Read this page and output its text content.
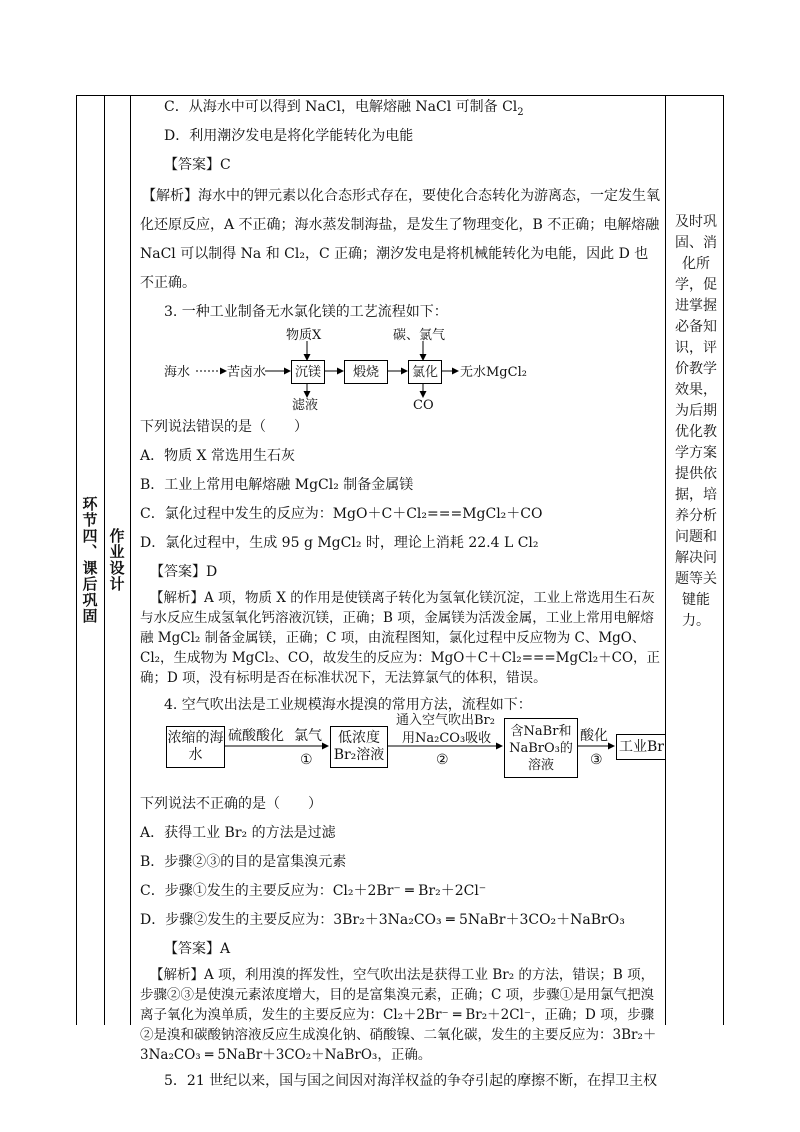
环节四、课后巩固 作业设计
及时巩
固、消
化所
学，促
进掌握
必备知
识，评
价教学
效果，
为后期
优化教
学方案
提供依
据，培
养分析
问题和
解决问
题等关
键能
力。

C．从海水中可以得到 NaCl，电解熔融 NaCl 可制备 $Cl_2$

D．利用潮汐发电是将化学能转化为电能

【答案】C

【解析】海水中的钾元素以化合态形式存在，要使化合态转化为游离态，一定发生氧化还原反应，A 不正确；海水蒸发制海盐，是发生了物理变化，B 不正确；电解熔融 NaCl 可以制得 Na 和 Cl₂，C 正确；潮汐发电是将机械能转化为电能，因此 D 也不正确。

3. 一种工业制备无水氯化镁的工艺流程如下：

海水	苦卤水	沉镁	煅烧	氯化	无水MgCl₂
物质X	碳、氯气
滤液	CO

下列说法错误的是（　　）

A．物质 X 常选用生石灰

B．工业上常用电解熔融 MgCl₂ 制备金属镁

C．氯化过程中发生的反应为：MgO＋C＋Cl₂===MgCl₂＋CO

D．氯化过程中，生成 95 g MgCl₂ 时，理论上消耗 22.4 L Cl₂

【答案】D

【解析】A 项，物质 X 的作用是使镁离子转化为氢氧化镁沉淀，工业上常选用生石灰与水反应生成氢氧化钙溶液沉镁，正确；B 项，金属镁为活泼金属，工业上常用电解熔融 MgCl₂ 制备金属镁，正确；C 项，由流程图知，氯化过程中反应物为 C、MgO、Cl₂，生成物为 MgCl₂、CO，故发生的反应为：MgO＋C＋Cl₂===MgCl₂＋CO，正确；D 项，没有标明是否在标准状况下，无法算氯气的体积，错误。

4. 空气吹出法是工业规模海水提溴的常用方法，流程如下：

浓缩的海水
硫酸酸化 氯气
①
低浓度Br₂溶液
通入空气吹出Br₂
用Na₂CO₃吸收
②
含NaBr和NaBrO₃的溶液
酸化
③
工业Br

下列说法不正确的是（　　）

A．获得工业 Br₂ 的方法是过滤

B．步骤②③的目的是富集溴元素

C．步骤①发生的主要反应为：Cl₂＋2Br⁻ ═ Br₂＋2Cl⁻

D．步骤②发生的主要反应为：3Br₂＋3Na₂CO₃ ═ 5NaBr＋3CO₂＋NaBrO₃

【答案】A

【解析】A 项，利用溴的挥发性，空气吹出法是获得工业 Br₂ 的方法，错误；B 项，步骤②③是使溴元素浓度增大，目的是富集溴元素，正确；C 项，步骤①是用氯气把溴离子氧化为溴单质，发生的主要反应为：Cl₂＋2Br⁻ ═ Br₂＋2Cl⁻，正确；D 项，步骤②是溴和碳酸钠溶液反应生成溴化钠、硝酸镍、二氧化碳，发生的主要反应为：3Br₂＋3Na₂CO₃ ═ 5NaBr＋3CO₂＋NaBrO₃，正确。

5．21 世纪以来，国与国之间因对海洋权益的争夺引起的摩擦不断，在捍卫主权
